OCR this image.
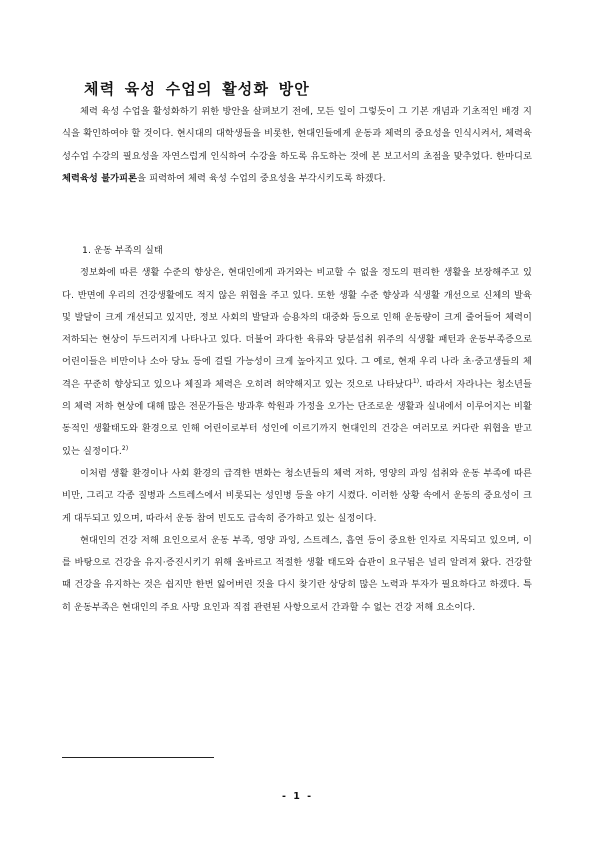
체력 육성 수업의 활성화 방안

체력 육성 수업을 활성화하기 위한 방안을 살펴보기 전에, 모든 일이 그렇듯이 그 기본 개념과 기초적인 배경 지식을 확인하여야 할 것이다. 현시대의 대학생들을 비롯한, 현대인들에게 운동과 체력의 중요성을 인식시켜서, 체력육성수업 수강의 필요성을 자연스럽게 인식하여 수강을 하도록 유도하는 것에 본 보고서의 초점을 맞추었다. 한마디로 체력육성 불가피론을 피력하여 체력 육성 수업의 중요성을 부각시키도록 하겠다.

1. 운동 부족의 실태

정보화에 따른 생활 수준의 향상은, 현대인에게 과거와는 비교할 수 없을 정도의 편리한 생활을 보장해주고 있다. 반면에 우리의 건강생활에도 적지 않은 위협을 주고 있다. 또한 생활 수준 향상과 식생활 개선으로 신체의 발육 및 발달이 크게 개선되고 있지만, 정보 사회의 발달과 승용차의 대중화 등으로 인해 운동량이 크게 줄어들어 체력이 저하되는 현상이 두드러지게 나타나고 있다. 더불어 과다한 육류와 당분섭취 위주의 식생활 패턴과 운동부족증으로 어린이들은 비만이나 소아 당뇨 등에 걸릴 가능성이 크게 높아지고 있다. 그 예로, 현재 우리 나라 초·중고생들의 체격은 꾸준히 향상되고 있으나 체질과 체력은 오히려 허약해지고 있는 것으로 나타났다$^{1)}$. 따라서 자라나는 청소년들의 체력 저하 현상에 대해 많은 전문가들은 방과후 학원과 가정을 오가는 단조로운 생활과 실내에서 이루어지는 비활동적인 생활태도와 환경으로 인해 어린이로부터 성인에 이르기까지 현대인의 건강은 여러모로 커다란 위협을 받고 있는 실정이다.$^{2)}$

이처럼 생활 환경이나 사회 환경의 급격한 변화는 청소년들의 체력 저하, 영양의 과잉 섭취와 운동 부족에 따른 비만, 그리고 각종 질병과 스트레스에서 비롯되는 성인병 등을 야기 시켰다. 이러한 상황 속에서 운동의 중요성이 크게 대두되고 있으며, 따라서 운동 참여 빈도도 급속히 증가하고 있는 실정이다.

현대인의 건강 저해 요인으로서 운동 부족, 영양 과잉, 스트레스, 흡연 등이 중요한 인자로 지목되고 있으며, 이를 바탕으로 건강을 유지·증진시키기 위해 올바르고 적절한 생활 태도와 습관이 요구됨은 널리 알려져 왔다. 건강할 때 건강을 유지하는 것은 쉽지만 한번 잃어버린 것을 다시 찾기란 상당히 많은 노력과 투자가 필요하다고 하겠다. 특히 운동부족은 현대인의 주요 사망 요인과 직접 관련된 사항으로서 간과할 수 없는 건강 저해 요소이다.

- 1 -
